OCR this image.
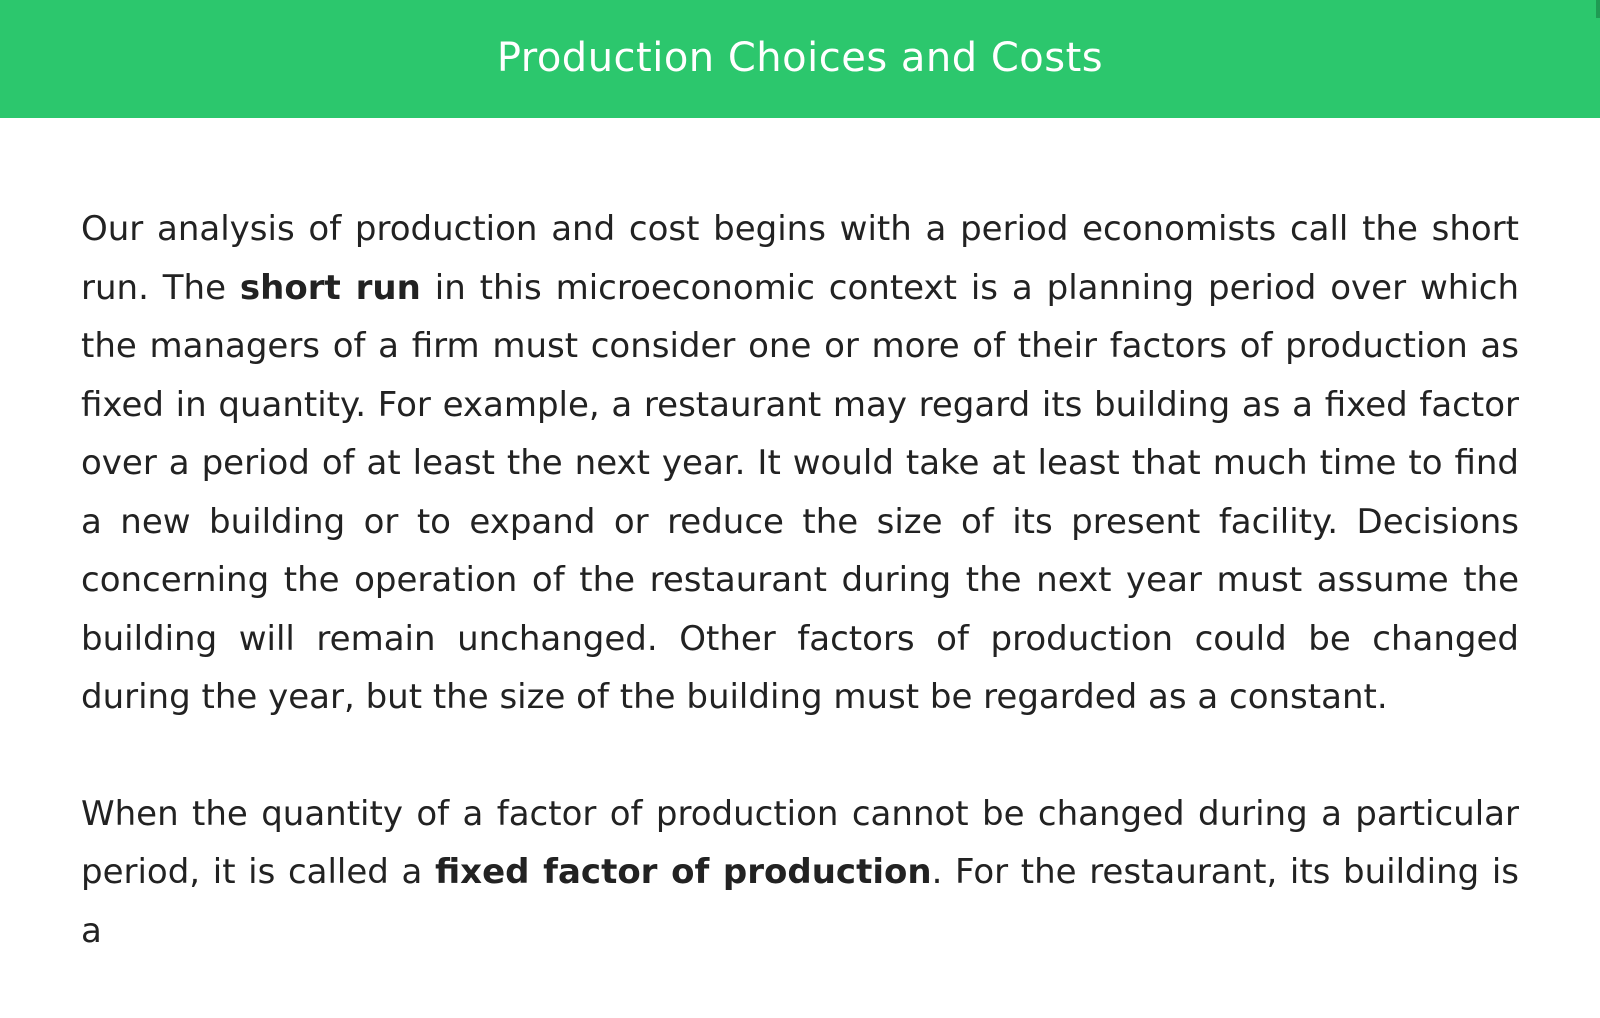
Production Choices and Costs

Our analysis of production and cost begins with a period economists call the short run. The short run in this microeconomic context is a planning period over which the managers of a firm must consider one or more of their factors of production as fixed in quantity. For example, a restaurant may regard its building as a fixed factor over a period of at least the next year. It would take at least that much time to find a new building or to expand or reduce the size of its present facility. Decisions concerning the operation of the restaurant during the next year must assume the building will remain unchanged. Other factors of production could be changed during the year, but the size of the building must be regarded as a constant.

When the quantity of a factor of production cannot be changed during a particular period, it is called a fixed factor of production. For the restaurant, its building is a
